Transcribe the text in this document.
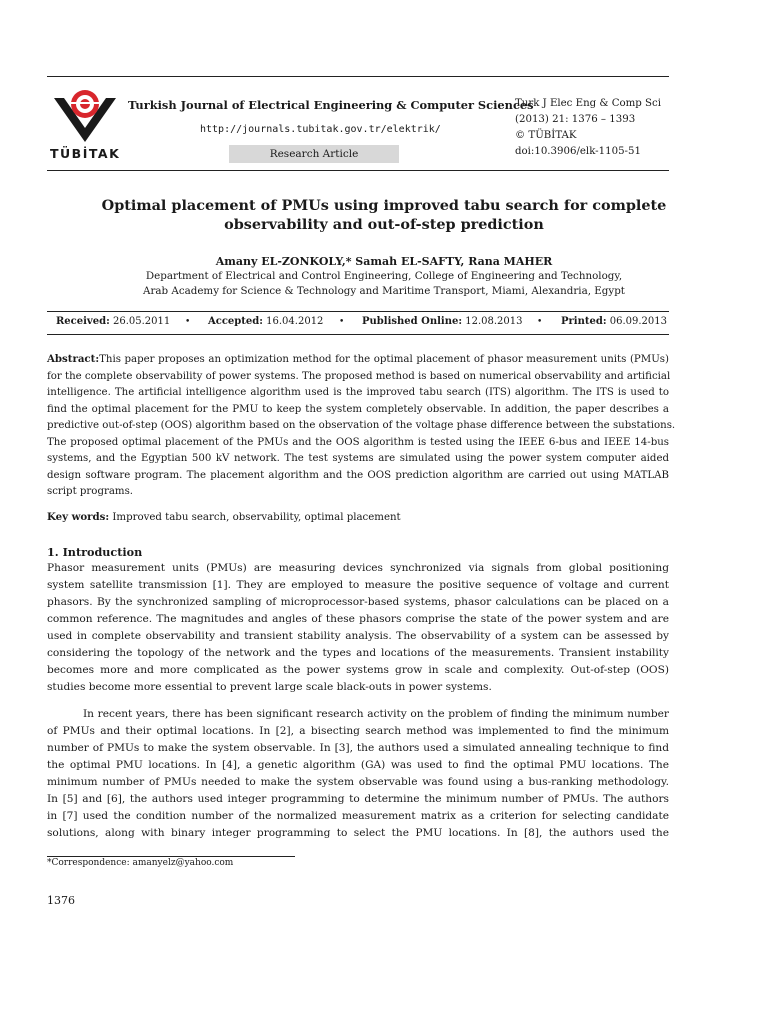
TÜBİTAK
Turkish Journal of Electrical Engineering & Computer Sciences
http://journals.tubitak.gov.tr/elektrik/
Research Article
Turk J Elec Eng & Comp Sci
(2013) 21: 1376 – 1393
© TÜBİTAK
doi:10.3906/elk-1105-51
Optimal placement of PMUs using improved tabu search for complete
observability and out-of-step prediction
Amany EL-ZONKOLY,* Samah EL-SAFTY, Rana MAHER
Department of Electrical and Control Engineering, College of Engineering and Technology,
Arab Academy for Science & Technology and Maritime Transport, Miami, Alexandria, Egypt
Received: 26.05.2011 • Accepted: 16.04.2012 • Published Online: 12.08.2013 • Printed: 06.09.2013
Abstract:This paper proposes an optimization method for the optimal placement of phasor measurement units (PMUs)
for the complete observability of power systems. The proposed method is based on numerical observability and artificial
intelligence. The artificial intelligence algorithm used is the improved tabu search (ITS) algorithm. The ITS is used to
find the optimal placement for the PMU to keep the system completely observable. In addition, the paper describes a
predictive out-of-step (OOS) algorithm based on the observation of the voltage phase difference between the substations.
The proposed optimal placement of the PMUs and the OOS algorithm is tested using the IEEE 6-bus and IEEE 14-bus
systems, and the Egyptian 500 kV network. The test systems are simulated using the power system computer aided
design software program. The placement algorithm and the OOS prediction algorithm are carried out using MATLAB
script programs.
Key words: Improved tabu search, observability, optimal placement
1. Introduction
Phasor measurement units (PMUs) are measuring devices synchronized via signals from global positioning
system satellite transmission [1]. They are employed to measure the positive sequence of voltage and current
phasors. By the synchronized sampling of microprocessor-based systems, phasor calculations can be placed on a
common reference. The magnitudes and angles of these phasors comprise the state of the power system and are
used in complete observability and transient stability analysis. The observability of a system can be assessed by
considering the topology of the network and the types and locations of the measurements. Transient instability
becomes more and more complicated as the power systems grow in scale and complexity. Out-of-step (OOS)
studies become more essential to prevent large scale black-outs in power systems.
In recent years, there has been significant research activity on the problem of finding the minimum number
of PMUs and their optimal locations. In [2], a bisecting search method was implemented to find the minimum
number of PMUs to make the system observable. In [3], the authors used a simulated annealing technique to find
the optimal PMU locations. In [4], a genetic algorithm (GA) was used to find the optimal PMU locations. The
minimum number of PMUs needed to make the system observable was found using a bus-ranking methodology.
In [5] and [6], the authors used integer programming to determine the minimum number of PMUs. The authors
in [7] used the condition number of the normalized measurement matrix as a criterion for selecting candidate
solutions, along with binary integer programming to select the PMU locations. In [8], the authors used the
*Correspondence: amanyelz@yahoo.com
1376
